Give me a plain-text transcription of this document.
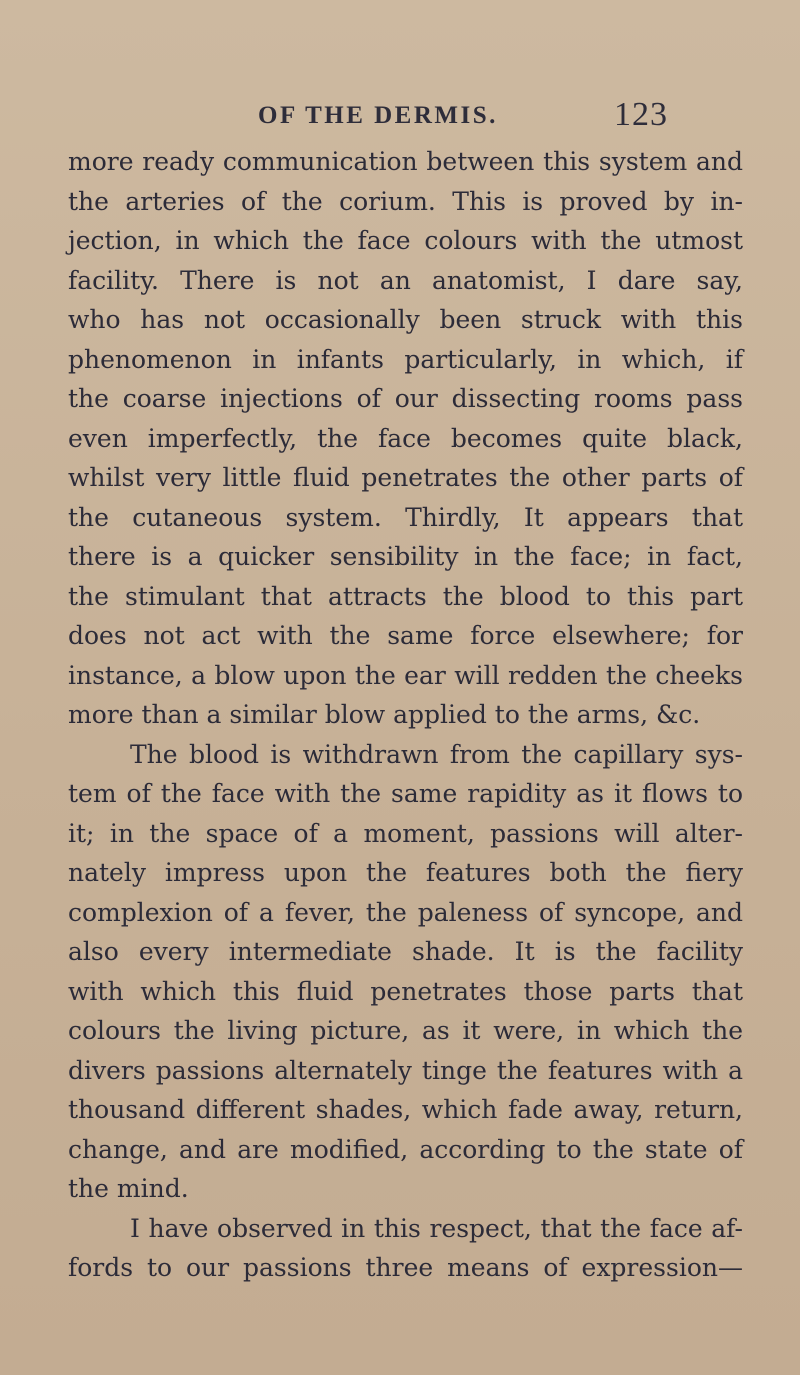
OF THE DERMIS.	123
more ready communication between this system and
the arteries of the corium. This is proved by in-
jection, in which the face colours with the utmost
facility. There is not an anatomist, I dare say,
who has not occasionally been struck with this
phenomenon in infants particularly, in which, if
the coarse injections of our dissecting rooms pass
even imperfectly, the face becomes quite black,
whilst very little fluid penetrates the other parts of
the cutaneous system. Thirdly, It appears that
there is a quicker sensibility in the face; in fact,
the stimulant that attracts the blood to this part
does not act with the same force elsewhere; for
instance, a blow upon the ear will redden the cheeks
more than a similar blow applied to the arms, &c.
The blood is withdrawn from the capillary sys-
tem of the face with the same rapidity as it flows to
it; in the space of a moment, passions will alter-
nately impress upon the features both the fiery
complexion of a fever, the paleness of syncope, and
also every intermediate shade. It is the facility
with which this fluid penetrates those parts that
colours the living picture, as it were, in which the
divers passions alternately tinge the features with a
thousand different shades, which fade away, return,
change, and are modified, according to the state of
the mind.
I have observed in this respect, that the face af-
fords to our passions three means of expression—
